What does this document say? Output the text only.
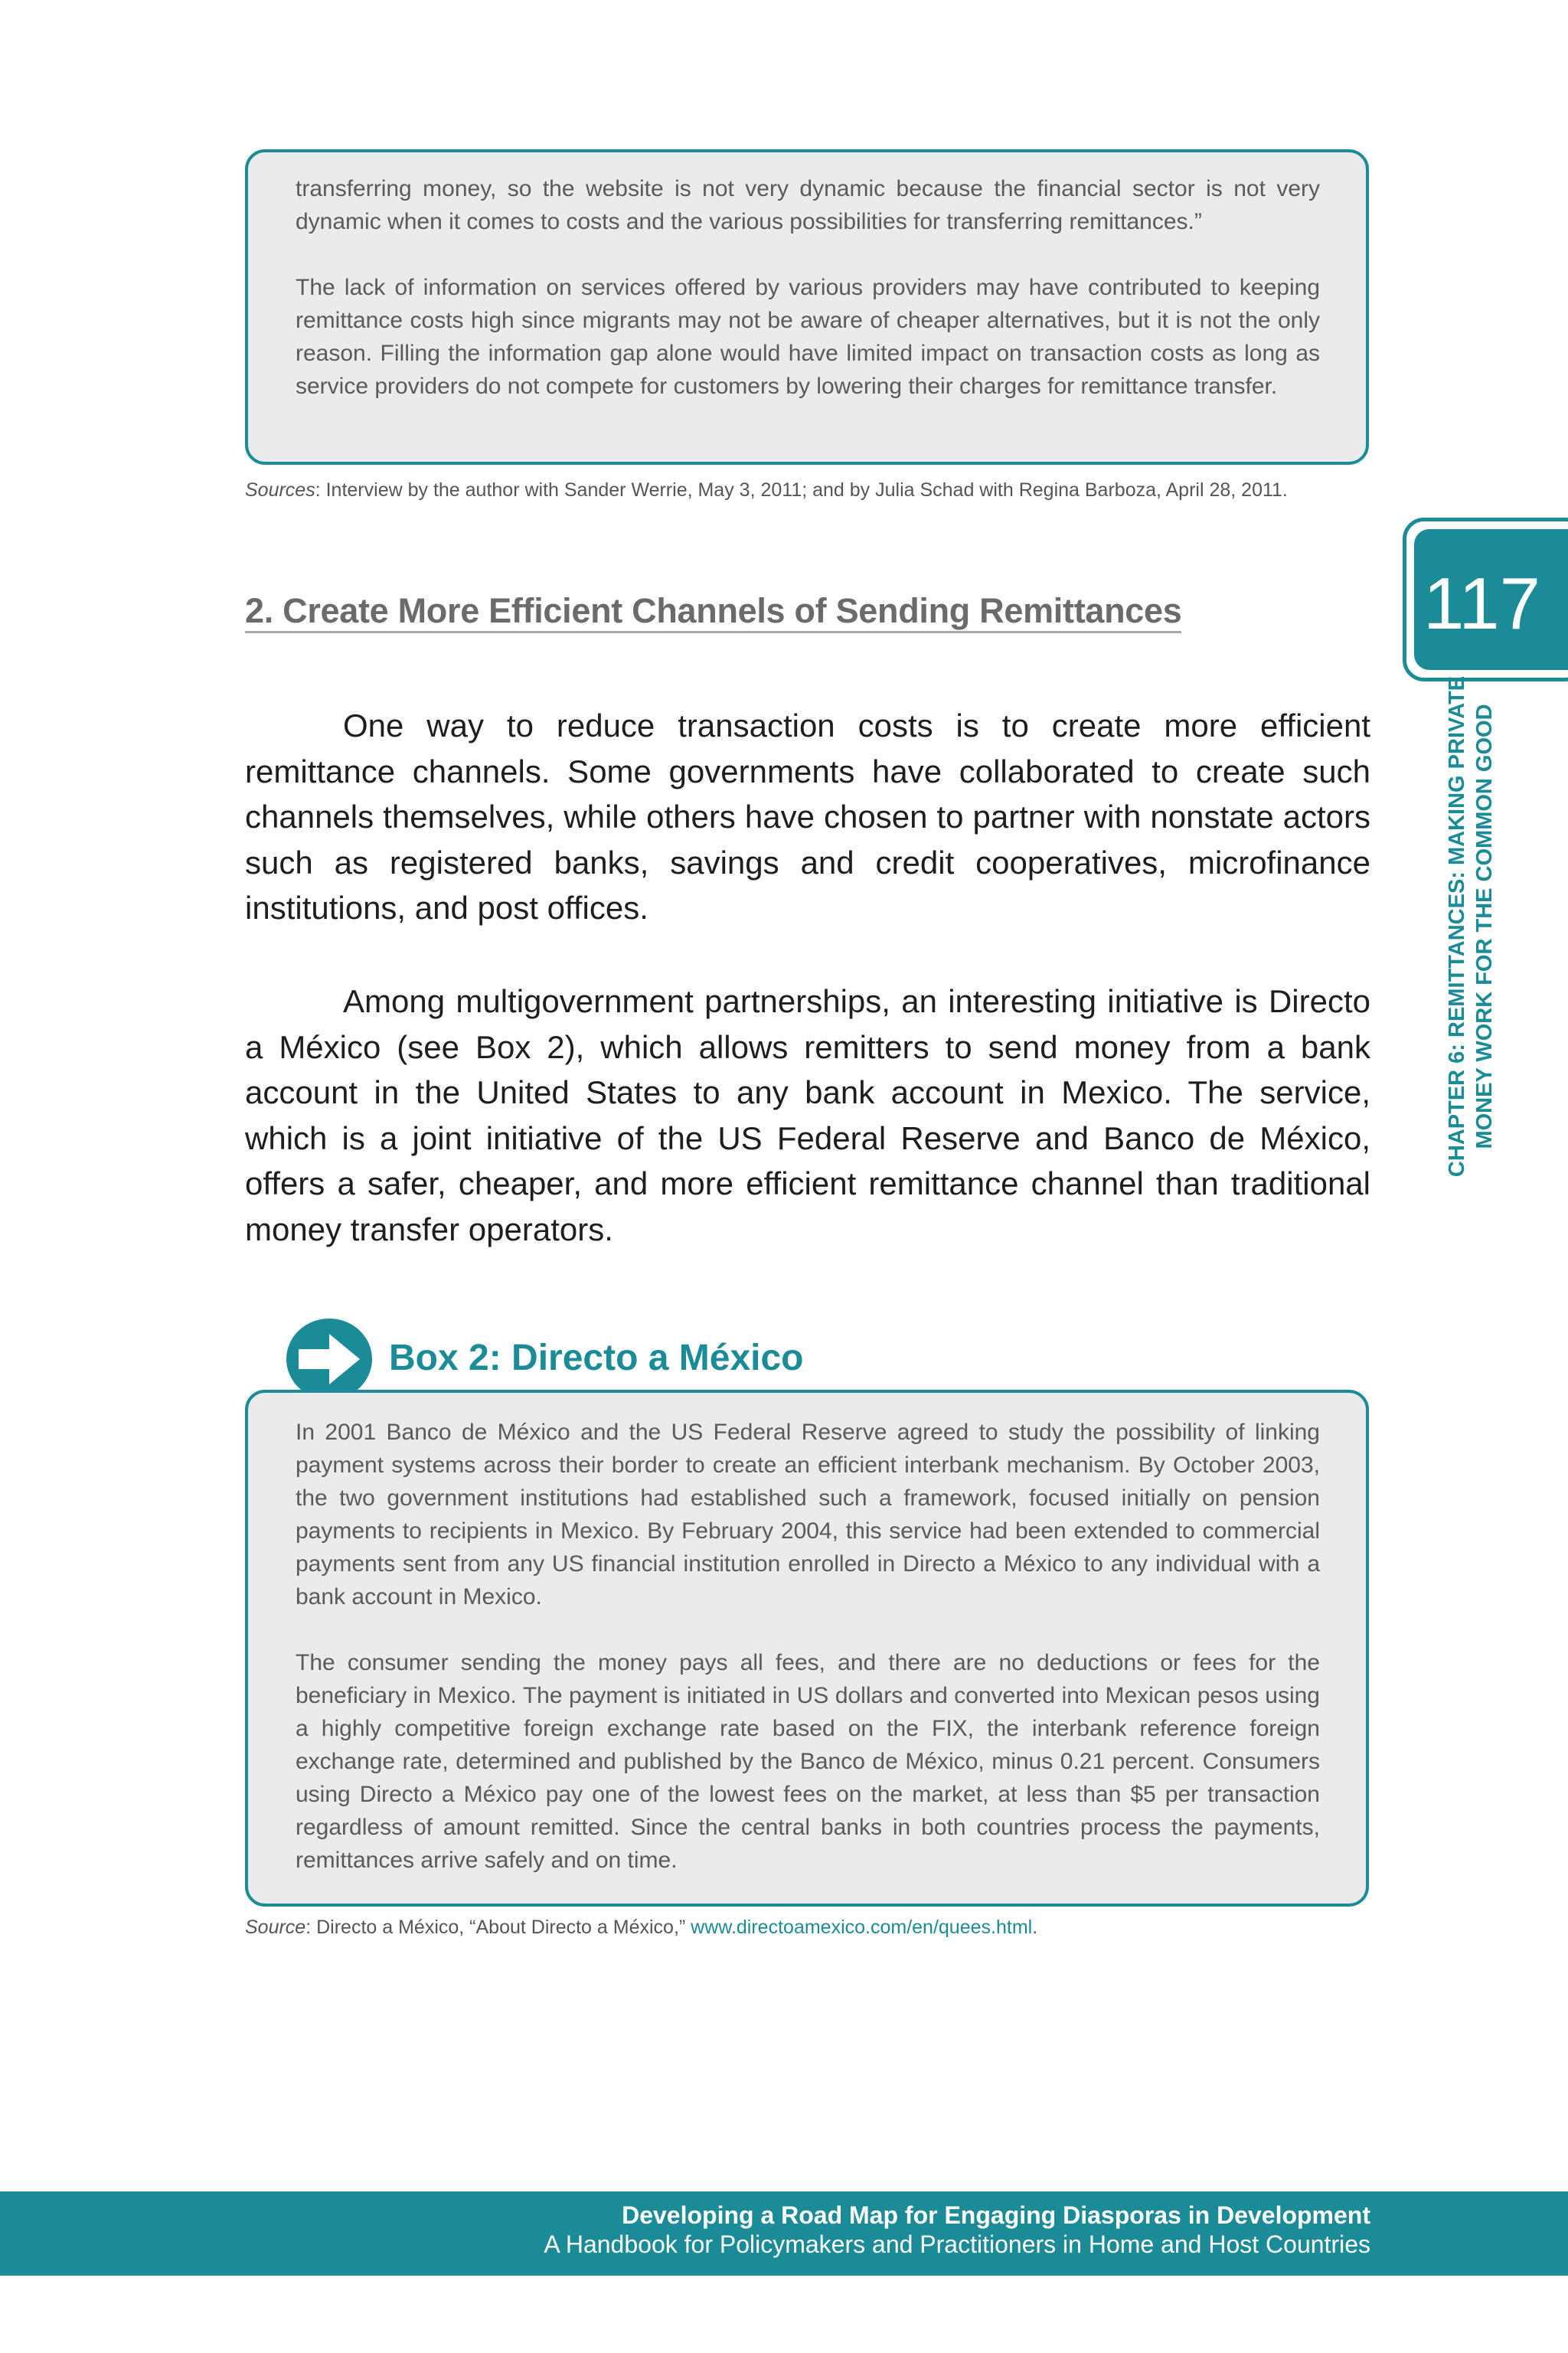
transferring money, so the website is not very dynamic because the financial sector is not very dynamic when it comes to costs and the various possibilities for transferring remittances.”

The lack of information on services offered by various providers may have contributed to keeping remittance costs high since migrants may not be aware of cheaper alternatives, but it is not the only reason. Filling the information gap alone would have limited impact on transaction costs as long as service providers do not compete for customers by lowering their charges for remittance transfer.

Sources: Interview by the author with Sander Werrie, May 3, 2011; and by Julia Schad with Regina Barboza, April 28, 2011.
2. Create More Efficient Channels of Sending Remittances

One way to reduce transaction costs is to create more efficient remittance channels. Some governments have collaborated to create such channels themselves, while others have chosen to partner with nonstate actors such as registered banks, savings and credit cooperatives, microfinance institutions, and post offices.

Among multigovernment partnerships, an interesting initiative is Directo a México (see Box 2), which allows remitters to send money from a bank account in the United States to any bank account in Mexico. The service, which is a joint initiative of the US Federal Reserve and Banco de México, offers a safer, cheaper, and more efficient remittance channel than traditional money transfer operators.

117
CHAPTER 6: REMITTANCES: MAKING PRIVATE MONEY WORK FOR THE COMMON GOOD
Box 2: Directo a México

In 2001 Banco de México and the US Federal Reserve agreed to study the possibility of linking payment systems across their border to create an efficient interbank mechanism. By October 2003, the two government institutions had established such a framework, focused initially on pension payments to recipients in Mexico. By February 2004, this service had been extended to commercial payments sent from any US financial institution enrolled in Directo a México to any individual with a bank account in Mexico.

The consumer sending the money pays all fees, and there are no deductions or fees for the beneficiary in Mexico. The payment is initiated in US dollars and converted into Mexican pesos using a highly competitive foreign exchange rate based on the FIX, the interbank reference foreign exchange rate, determined and published by the Banco de México, minus 0.21 percent. Consumers using Directo a México pay one of the lowest fees on the market, at less than $5 per transaction regardless of amount remitted. Since the central banks in both countries process the payments, remittances arrive safely and on time.

Source: Directo a México, “About Directo a México,” www.directoamexico.com/en/quees.html.
Developing a Road Map for Engaging Diasporas in Development
A Handbook for Policymakers and Practitioners in Home and Host Countries
